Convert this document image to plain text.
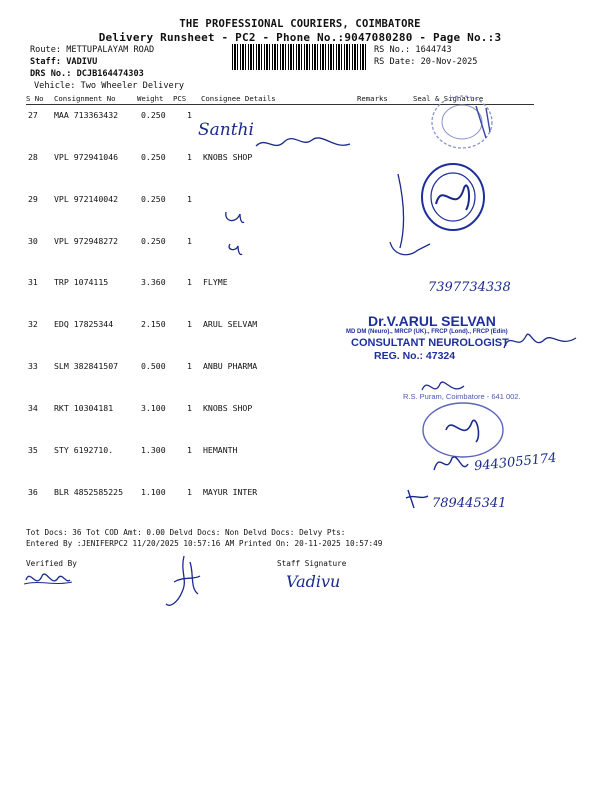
THE PROFESSIONAL COURIERS, COIMBATORE
Delivery Runsheet - PC2 - Phone No.:9047080280 - Page No.:3
Route: METTUPALAYAM ROAD
Staff: VADIVU
DRS No.: DCJB164474303
Vehicle: Two Wheeler Delivery
RS No.: 1644743
RS Date: 20-Nov-2025
S No Consignment No	Weight PCS Consignee Details	Remarks	Seal & Signature
27 MAA 713363432	0.250	1
28 VPL 972941046	0.250	1 KNOBS SHOP
29 VPL 972140042	0.250	1
30 VPL 972948272	0.250	1
31 TRP 1074115	3.360	1 FLYME
32 EDQ 17825344	2.150	1 ARUL SELVAM
33 SLM 382841507	0.500	1 ANBU PHARMA
34 RKT 10304181	3.100	1 KNOBS SHOP
35 STY 6192710.	1.300	1 HEMANTH
36 BLR 4852585225 1.100	1 MAYUR INTER
Tot Docs: 36 Tot COD Amt: 0.00 Delvd Docs: Non Delvd Docs: Delvy Pts:
Entered By :JENIFERPC2 11/20/2025 10:57:16 AM Printed On: 20-11-2025 10:57:49
Verified By	Staff Signature
Santhi
7397734338
Dr.V.ARUL SELVAN
MD DM (Neuro)., MRCP (UK)., FRCP (Lond)., FRCP (Edin)
CONSULTANT NEUROLOGIST
REG. No.: 47324
R.S. Puram, Coimbatore - 641 002.
9443055174
789445341
Vadivu
